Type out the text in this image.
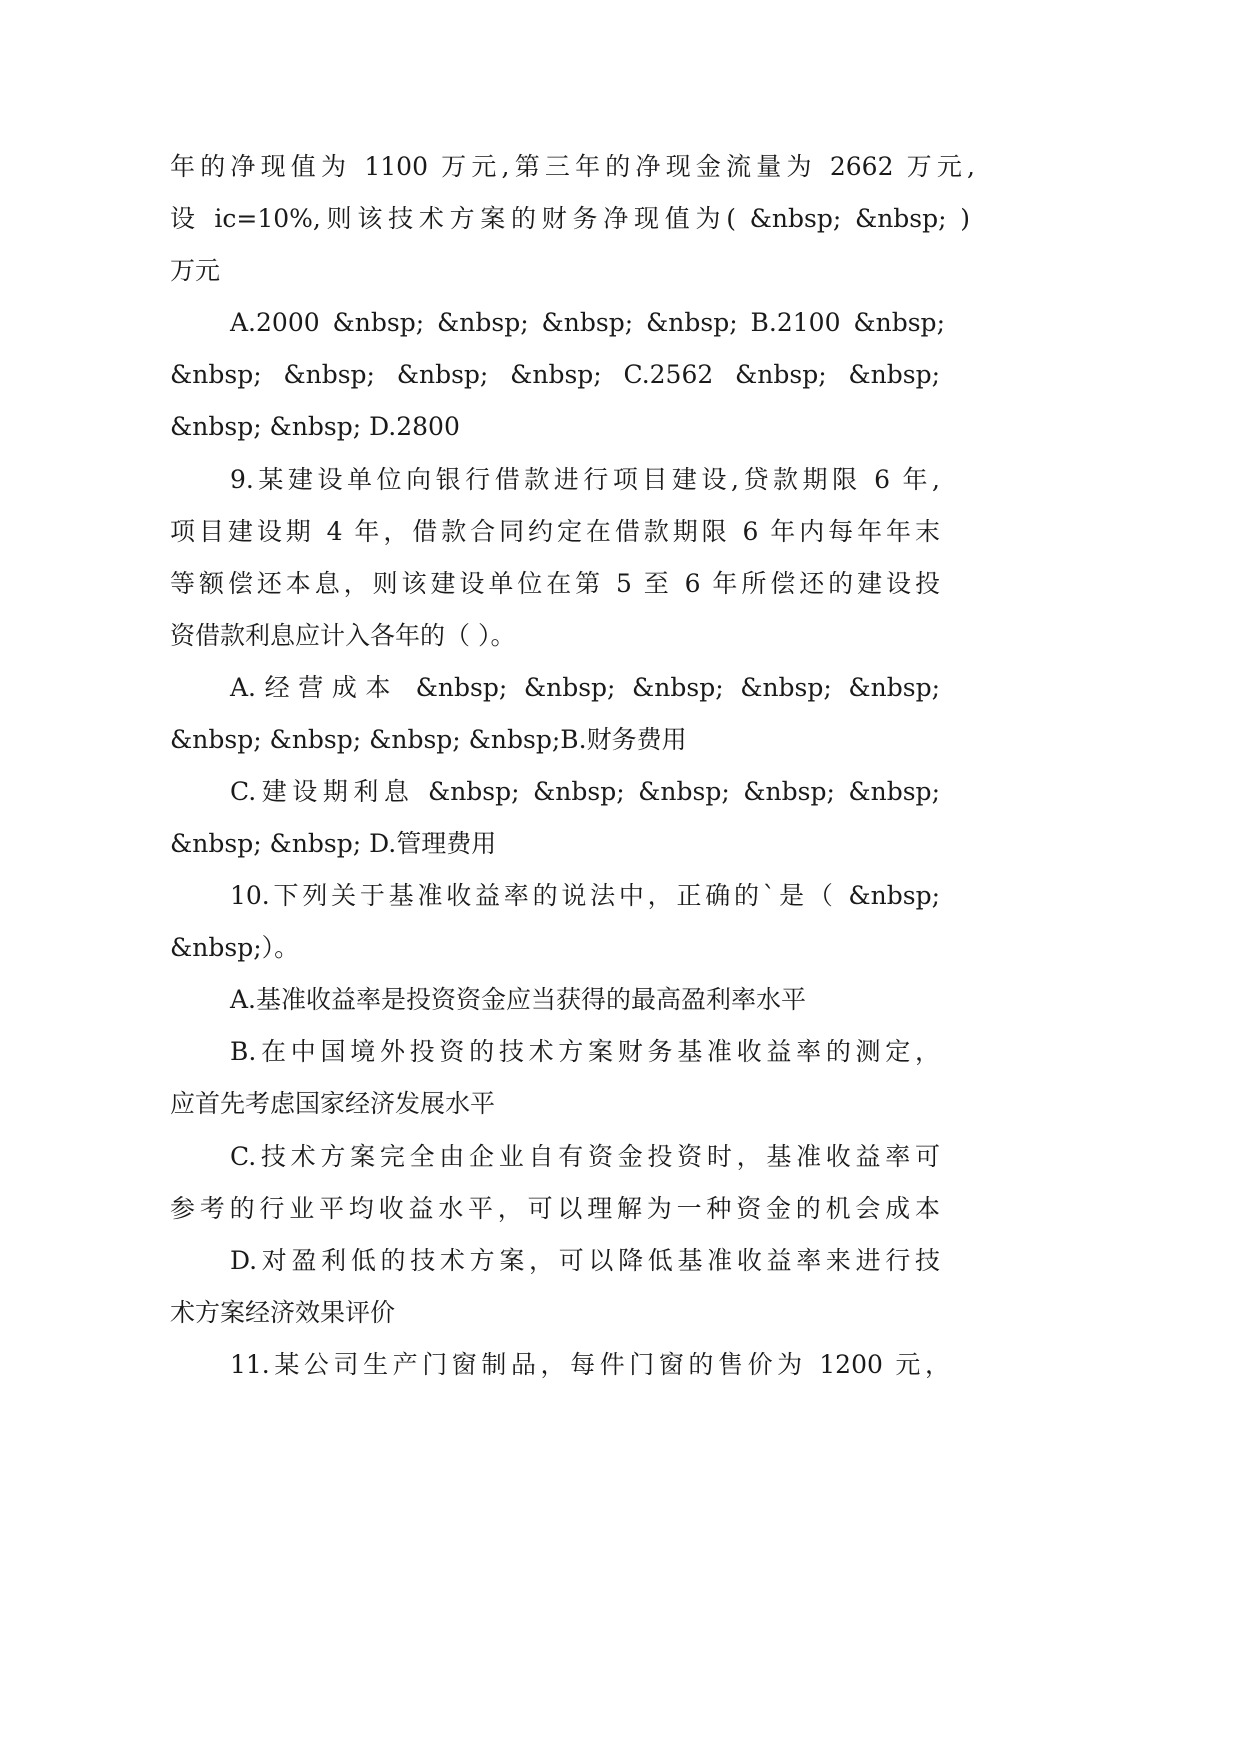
年的净现值为 1100 万元,第三年的净现金流量为 2662 万元,
设 ic=10%,则该技术方案的财务净现值为( &nbsp; &nbsp; )
万元
A.2000 &nbsp; &nbsp; &nbsp; &nbsp; B.2100 &nbsp;
&nbsp; &nbsp; &nbsp; &nbsp; C.2562 &nbsp; &nbsp;
&nbsp; &nbsp; D.2800
9.某建设单位向银行借款进行项目建设,贷款期限 6 年,
项目建设期 4 年，借款合同约定在借款期限 6 年内每年年末
等额偿还本息，则该建设单位在第 5 至 6 年所偿还的建设投
资借款利息应计入各年的（ ）。
A.经营成本 &nbsp; &nbsp; &nbsp; &nbsp; &nbsp;
&nbsp; &nbsp; &nbsp; &nbsp;B.财务费用
C.建设期利息 &nbsp; &nbsp; &nbsp; &nbsp; &nbsp;
&nbsp; &nbsp; D.管理费用
10.下列关于基准收益率的说法中，正确的`是（ &nbsp;
&nbsp;）。
A.基准收益率是投资资金应当获得的最高盈利率水平
B.在中国境外投资的技术方案财务基准收益率的测定，
应首先考虑国家经济发展水平
C.技术方案完全由企业自有资金投资时，基准收益率可
参考的行业平均收益水平，可以理解为一种资金的机会成本
D.对盈利低的技术方案，可以降低基准收益率来进行技
术方案经济效果评价
11.某公司生产门窗制品，每件门窗的售价为 1200 元，
